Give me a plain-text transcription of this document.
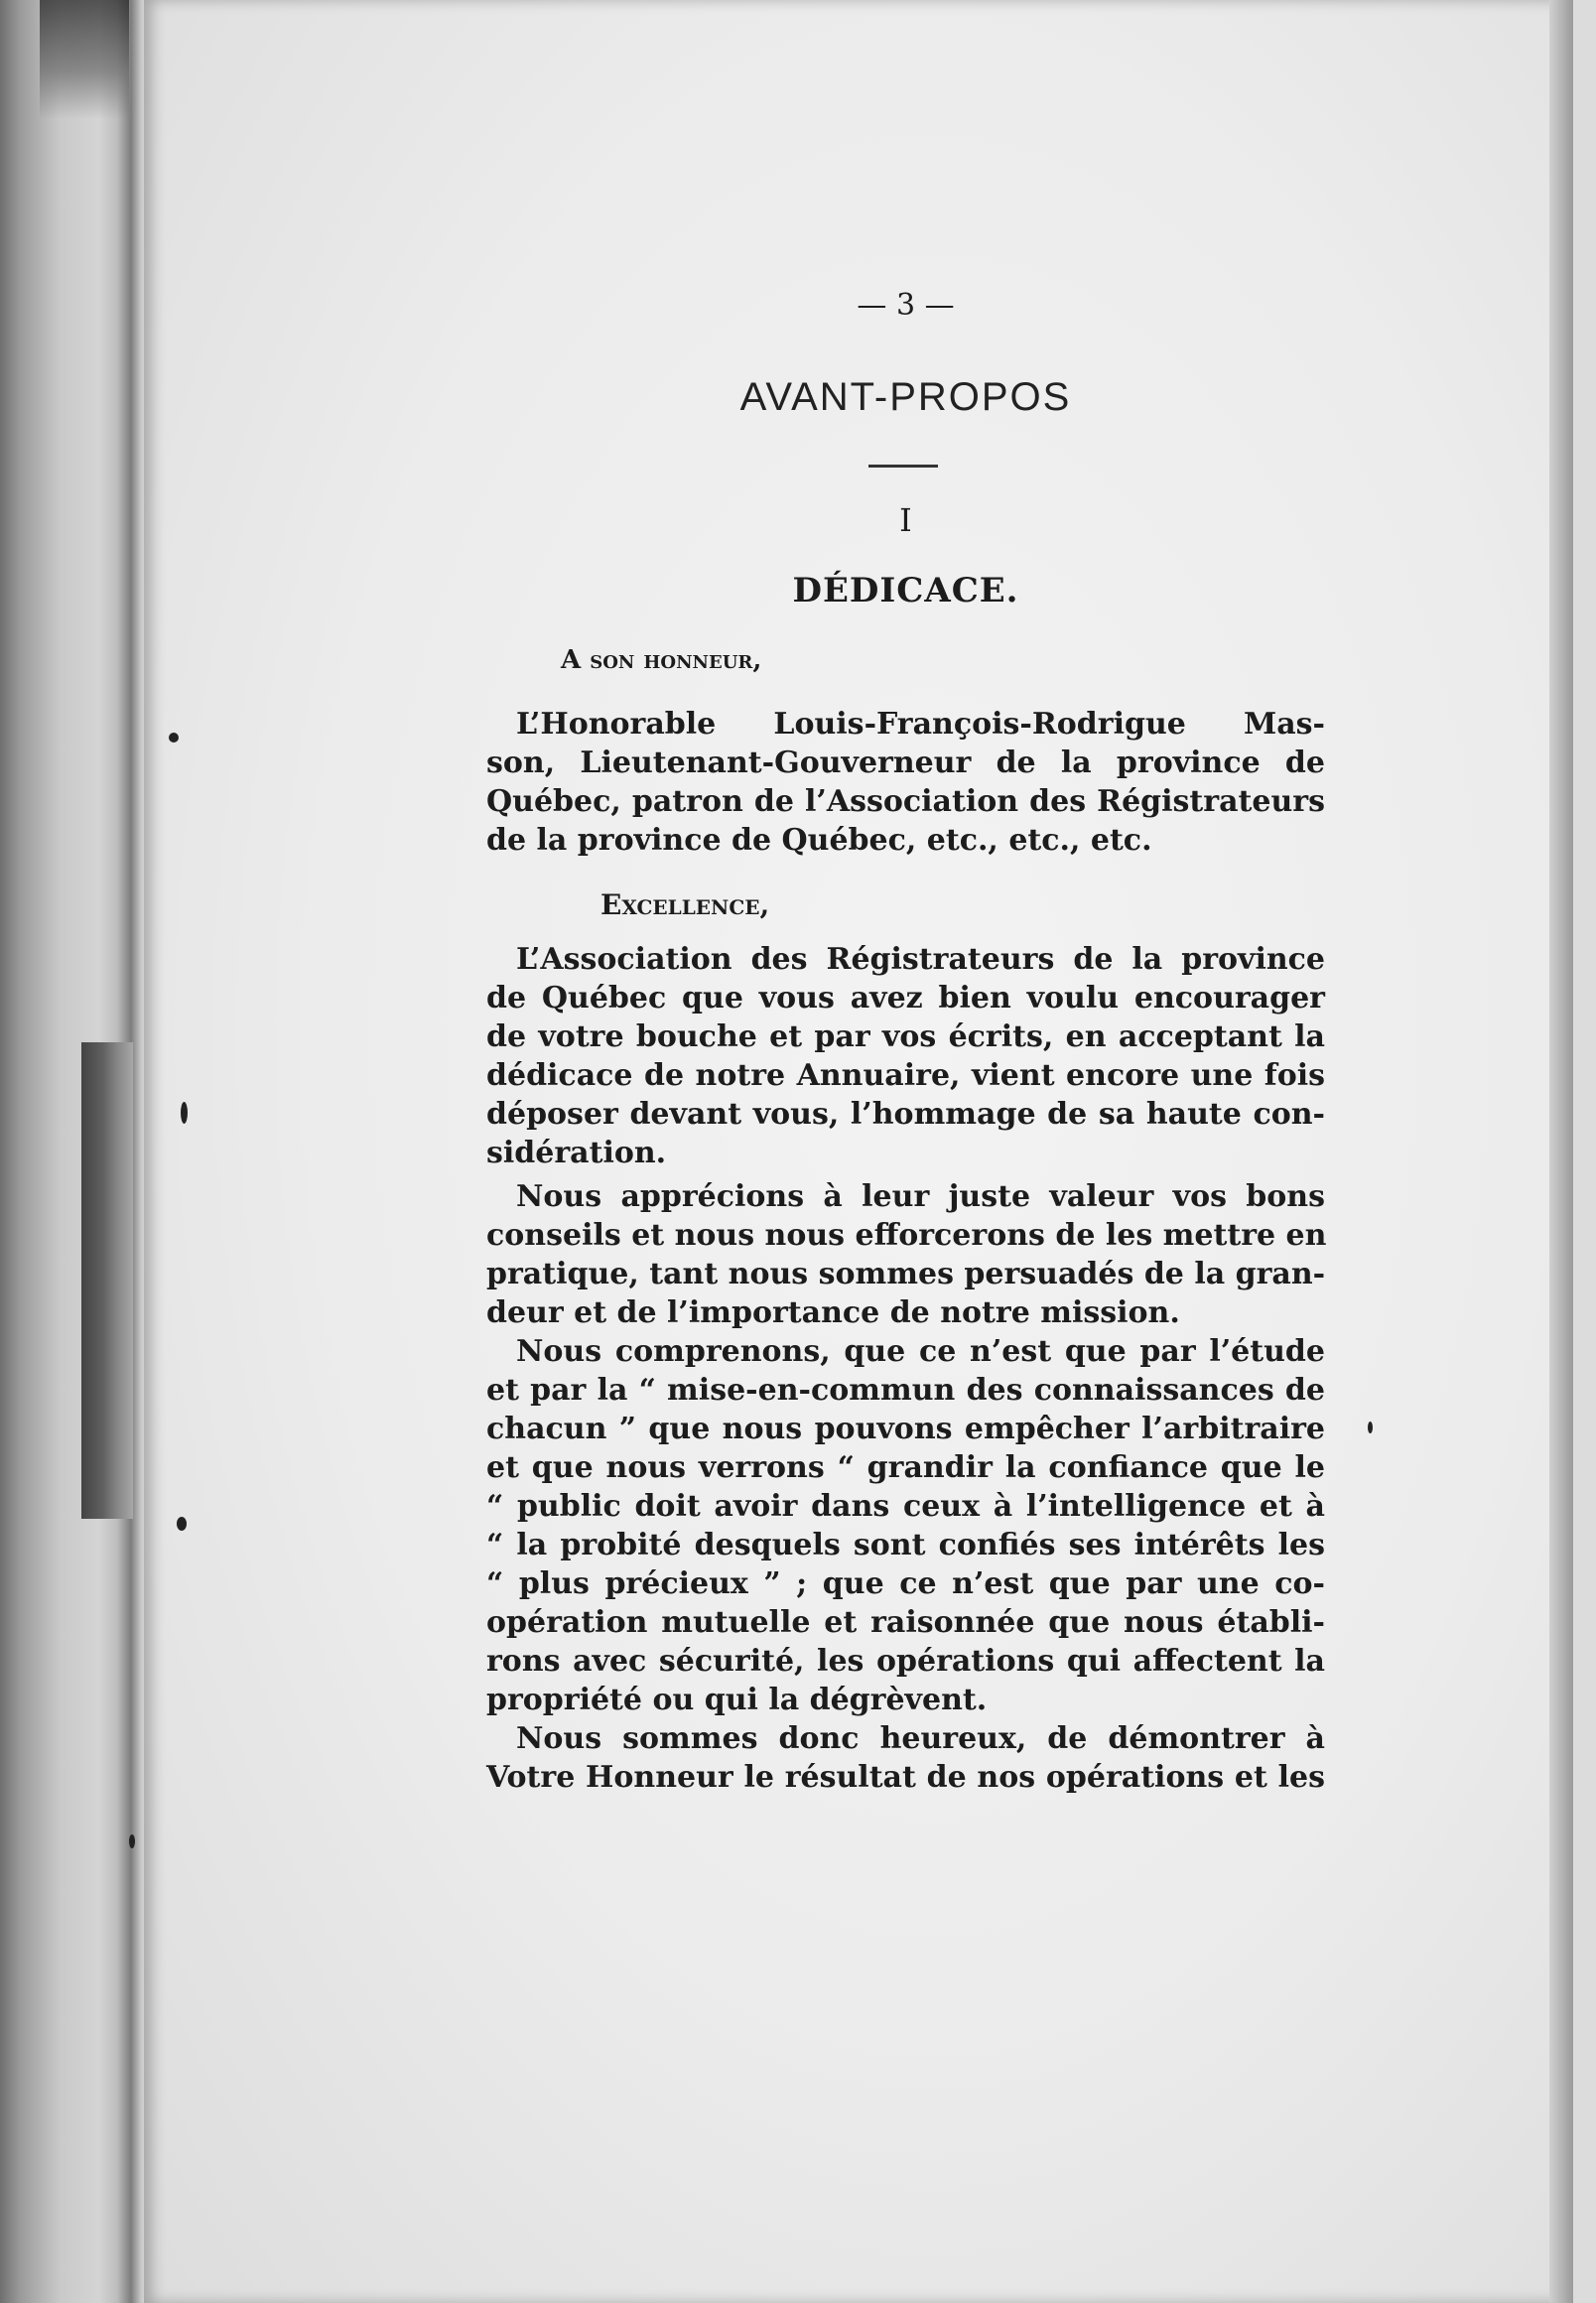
— 3 —
AVANT-PROPOS
I
DÉDICACE.
A son honneur,
L’Honorable Louis-François-Rodrigue Mas-
son, Lieutenant-Gouverneur de la province de
Québec, patron de l’Association des Régistrateurs
de la province de Québec, etc., etc., etc.
Excellence,
L’Association des Régistrateurs de la province
de Québec que vous avez bien voulu encourager
de votre bouche et par vos écrits, en acceptant la
dédicace de notre Annuaire, vient encore une fois
déposer devant vous, l’hommage de sa haute con-
sidération.
Nous apprécions à leur juste valeur vos bons
conseils et nous nous efforcerons de les mettre en
pratique, tant nous sommes persuadés de la gran-
deur et de l’importance de notre mission.
Nous comprenons, que ce n’est que par l’étude
et par la “ mise-en-commun des connaissances de
chacun ” que nous pouvons empêcher l’arbitraire
et que nous verrons “ grandir la confiance que le
“ public doit avoir dans ceux à l’intelligence et à
“ la probité desquels sont confiés ses intérêts les
“ plus précieux ” ; que ce n’est que par une co-
opération mutuelle et raisonnée que nous établi-
rons avec sécurité, les opérations qui affectent la
propriété ou qui la dégrèvent.
Nous sommes donc heureux, de démontrer à
Votre Honneur le résultat de nos opérations et les
